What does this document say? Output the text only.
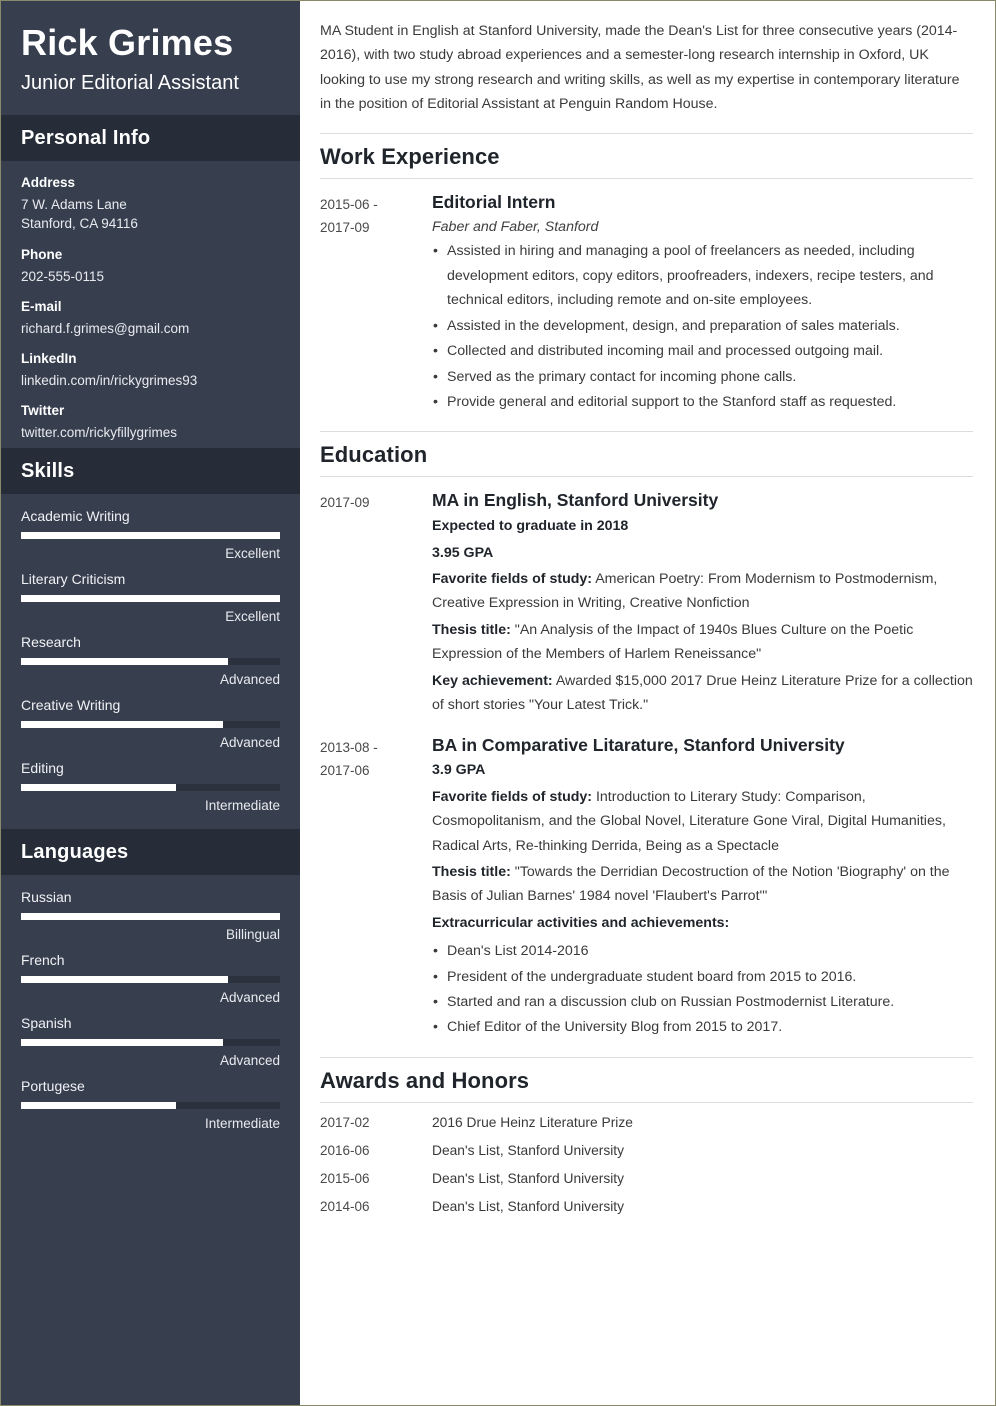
Rick Grimes
Junior Editorial Assistant
Personal Info
Address
7 W. Adams Lane
Stanford, CA 94116
Phone
202-555-0115
E-mail
richard.f.grimes@gmail.com
LinkedIn
linkedin.com/in/rickygrimes93
Twitter
twitter.com/rickyfillygrimes
Skills
Academic Writing
Excellent
Literary Criticism
Excellent
Research
Advanced
Creative Writing
Advanced
Editing
Intermediate
Languages
Russian
Billingual
French
Advanced
Spanish
Advanced
Portugese
Intermediate

MA Student in English at Stanford University, made the Dean's List for three consecutive years (2014-2016), with two study abroad experiences and a semester-long research internship in Oxford, UK looking to use my strong research and writing skills, as well as my expertise in contemporary literature in the position of Editorial Assistant at Penguin Random House.

Work Experience
2015-06 -
2017-09
Editorial Intern
Faber and Faber, Stanford
• Assisted in hiring and managing a pool of freelancers as needed, including development editors, copy editors, proofreaders, indexers, recipe testers, and technical editors, including remote and on-site employees.
• Assisted in the development, design, and preparation of sales materials.
• Collected and distributed incoming mail and processed outgoing mail.
• Served as the primary contact for incoming phone calls.
• Provide general and editorial support to the Stanford staff as requested.
Education
2017-09	MA in English, Stanford University
Expected to graduate in 2018
3.95 GPA
Favorite fields of study: American Poetry: From Modernism to Postmodernism, Creative Expression in Writing, Creative Nonfiction
Thesis title: "An Analysis of the Impact of 1940s Blues Culture on the Poetic Expression of the Members of Harlem Reneissance"
Key achievement: Awarded $15,000 2017 Drue Heinz Literature Prize for a collection of short stories "Your Latest Trick."
2013-08 -
2017-06
BA in Comparative Litarature, Stanford University
3.9 GPA
Favorite fields of study: Introduction to Literary Study: Comparison, Cosmopolitanism, and the Global Novel, Literature Gone Viral, Digital Humanities, Radical Arts, Re-thinking Derrida, Being as a Spectacle
Thesis title: "Towards the Derridian Decostruction of the Notion 'Biography' on the Basis of Julian Barnes' 1984 novel 'Flaubert's Parrot'"
Extracurricular activities and achievements:
• Dean's List 2014-2016
• President of the undergraduate student board from 2015 to 2016.
• Started and ran a discussion club on Russian Postmodernist Literature.
• Chief Editor of the University Blog from 2015 to 2017.
Awards and Honors
2017-02	2016 Drue Heinz Literature Prize
2016-06	Dean's List, Stanford University
2015-06	Dean's List, Stanford University
2014-06	Dean's List, Stanford University
